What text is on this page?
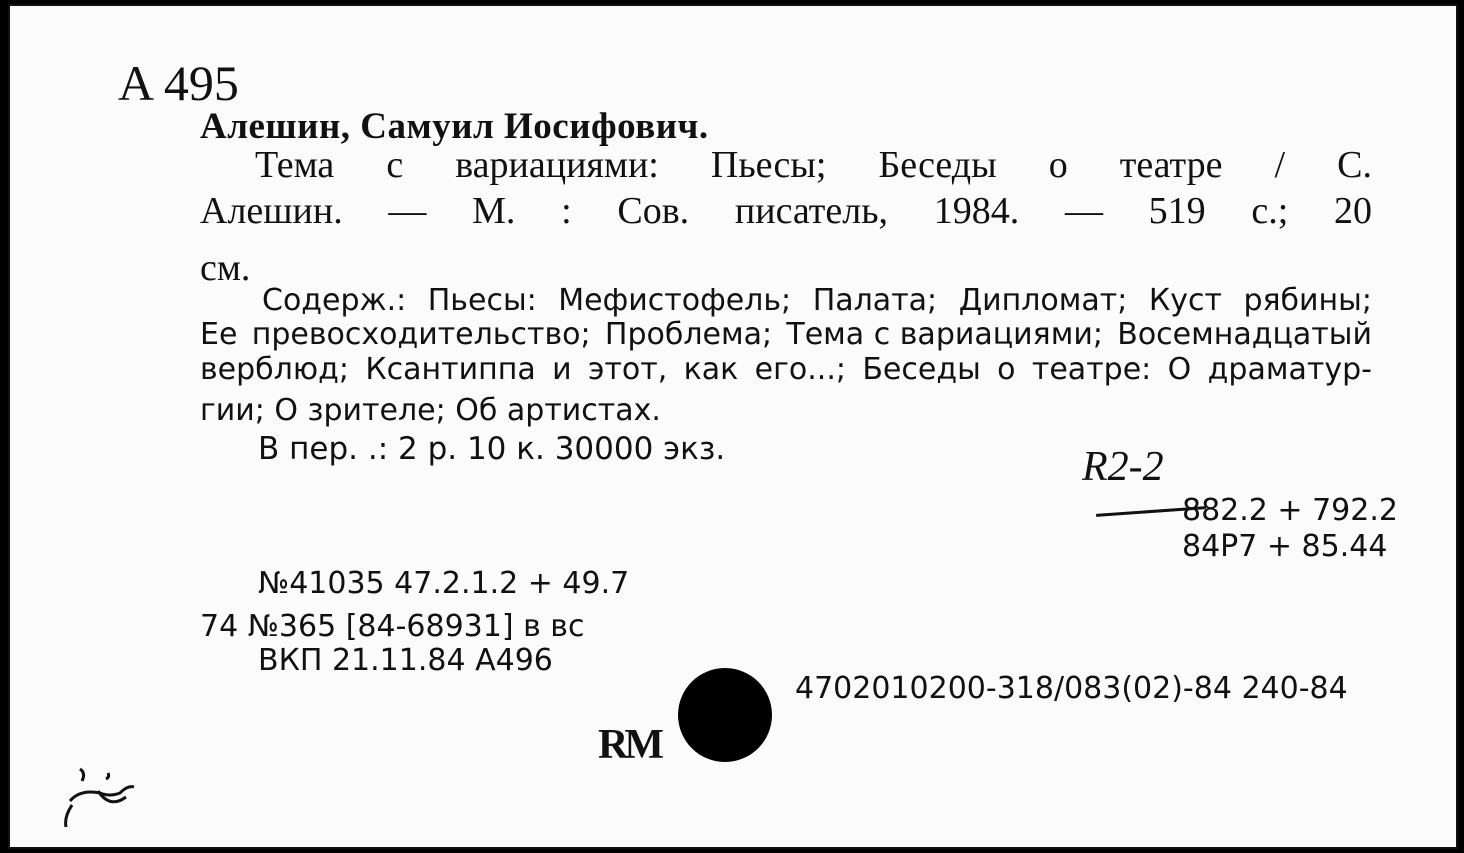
A 495
Алешин, Самуил Иосифович.
Тема с вариациями: Пьесы; Беседы о театре / С.
Алешин. — М. : Сов. писатель, 1984. — 519 с.; 20
см.
Содерж.: Пьесы: Мефистофель; Палата; Дипломат; Куст рябины;
Ее превосходительство; Проблема; Тема с вариациями; Восемнадцатый
верблюд; Ксантиппа и этот, как его...; Беседы о театре: О драматур-
гии; О зрителе; Об артистах.
В пер. .: 2 р. 10 к. 30000 экз.	R2-2
882.2 + 792.2
84Р7 + 85.44
№41035 47.2.1.2 + 49.7
74 №365 [84-68931] в вс
ВКП 21.11.84 А496
RM
4702010200-318/083(02)-84 240-84
